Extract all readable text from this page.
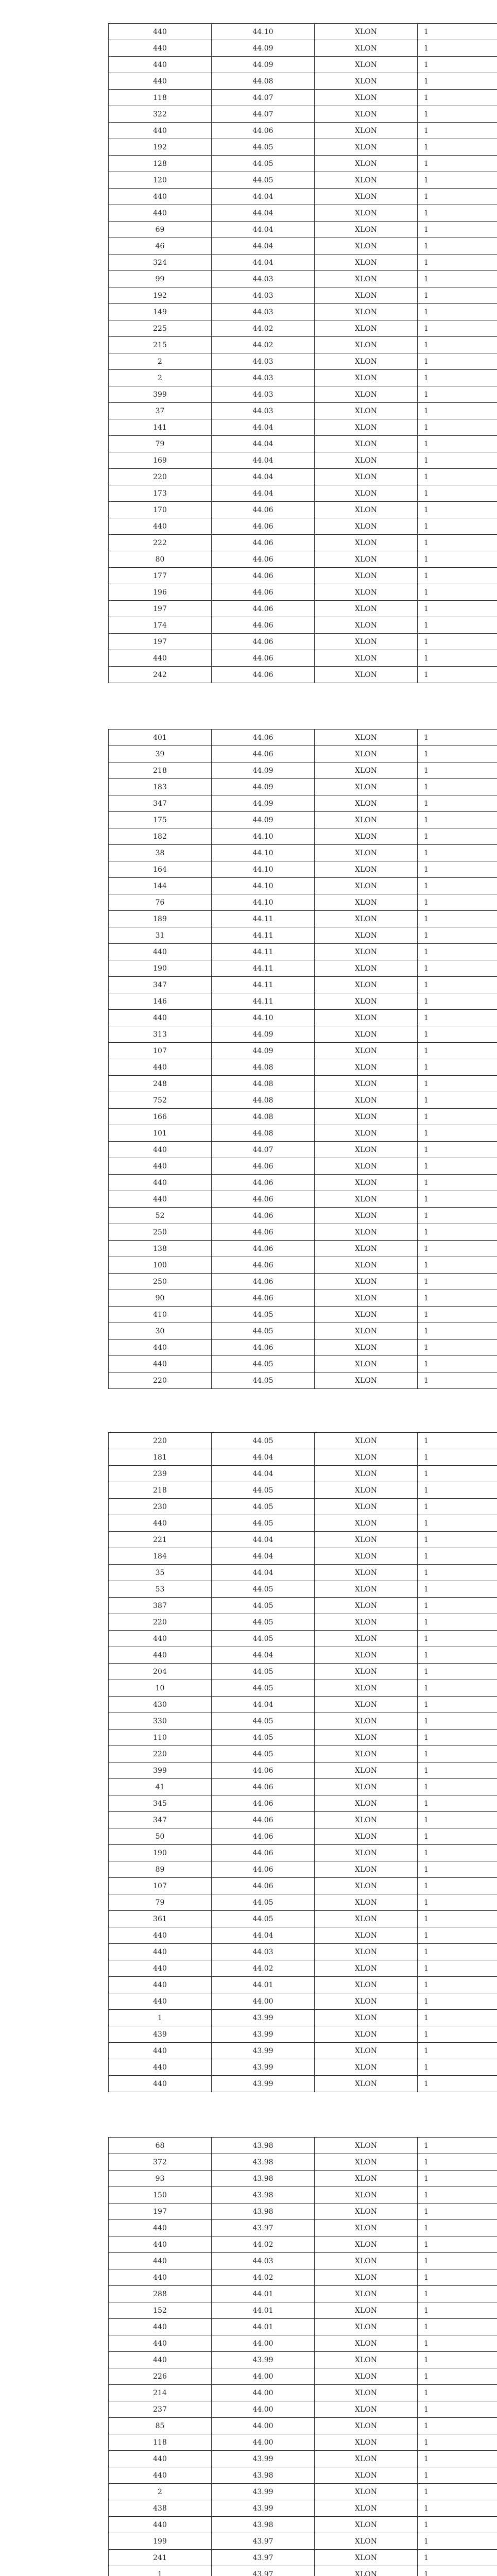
440	44.10	XLON	1
440	44.09	XLON	1
440	44.09	XLON	1
440	44.08	XLON	1
118	44.07	XLON	1
322	44.07	XLON	1
440	44.06	XLON	1
192	44.05	XLON	1
128	44.05	XLON	1
120	44.05	XLON	1
440	44.04	XLON	1
440	44.04	XLON	1
69	44.04	XLON	1
46	44.04	XLON	1
324	44.04	XLON	1
99	44.03	XLON	1
192	44.03	XLON	1
149	44.03	XLON	1
225	44.02	XLON	1
215	44.02	XLON	1
2	44.03	XLON	1
2	44.03	XLON	1
399	44.03	XLON	1
37	44.03	XLON	1
141	44.04	XLON	1
79	44.04	XLON	1
169	44.04	XLON	1
220	44.04	XLON	1
173	44.04	XLON	1
170	44.06	XLON	1
440	44.06	XLON	1
222	44.06	XLON	1
80	44.06	XLON	1
177	44.06	XLON	1
196	44.06	XLON	1
197	44.06	XLON	1
174	44.06	XLON	1
197	44.06	XLON	1
440	44.06	XLON	1
242	44.06	XLON	1
401	44.06	XLON	1
39	44.06	XLON	1
218	44.09	XLON	1
183	44.09	XLON	1
347	44.09	XLON	1
175	44.09	XLON	1
182	44.10	XLON	1
38	44.10	XLON	1
164	44.10	XLON	1
144	44.10	XLON	1
76	44.10	XLON	1
189	44.11	XLON	1
31	44.11	XLON	1
440	44.11	XLON	1
190	44.11	XLON	1
347	44.11	XLON	1
146	44.11	XLON	1
440	44.10	XLON	1
313	44.09	XLON	1
107	44.09	XLON	1
440	44.08	XLON	1
248	44.08	XLON	1
752	44.08	XLON	1
166	44.08	XLON	1
101	44.08	XLON	1
440	44.07	XLON	1
440	44.06	XLON	1
440	44.06	XLON	1
440	44.06	XLON	1
52	44.06	XLON	1
250	44.06	XLON	1
138	44.06	XLON	1
100	44.06	XLON	1
250	44.06	XLON	1
90	44.06	XLON	1
410	44.05	XLON	1
30	44.05	XLON	1
440	44.06	XLON	1
440	44.05	XLON	1
220	44.05	XLON	1
220	44.05	XLON	1
181	44.04	XLON	1
239	44.04	XLON	1
218	44.05	XLON	1
230	44.05	XLON	1
440	44.05	XLON	1
221	44.04	XLON	1
184	44.04	XLON	1
35	44.04	XLON	1
53	44.05	XLON	1
387	44.05	XLON	1
220	44.05	XLON	1
440	44.05	XLON	1
440	44.04	XLON	1
204	44.05	XLON	1
10	44.05	XLON	1
430	44.04	XLON	1
330	44.05	XLON	1
110	44.05	XLON	1
220	44.05	XLON	1
399	44.06	XLON	1
41	44.06	XLON	1
345	44.06	XLON	1
347	44.06	XLON	1
50	44.06	XLON	1
190	44.06	XLON	1
89	44.06	XLON	1
107	44.06	XLON	1
79	44.05	XLON	1
361	44.05	XLON	1
440	44.04	XLON	1
440	44.03	XLON	1
440	44.02	XLON	1
440	44.01	XLON	1
440	44.00	XLON	1
1	43.99	XLON	1
439	43.99	XLON	1
440	43.99	XLON	1
440	43.99	XLON	1
440	43.99	XLON	1
68	43.98	XLON	1
372	43.98	XLON	1
93	43.98	XLON	1
150	43.98	XLON	1
197	43.98	XLON	1
440	43.97	XLON	1
440	44.02	XLON	1
440	44.03	XLON	1
440	44.02	XLON	1
288	44.01	XLON	1
152	44.01	XLON	1
440	44.01	XLON	1
440	44.00	XLON	1
440	43.99	XLON	1
226	44.00	XLON	1
214	44.00	XLON	1
237	44.00	XLON	1
85	44.00	XLON	1
118	44.00	XLON	1
440	43.99	XLON	1
440	43.98	XLON	1
2	43.99	XLON	1
438	43.99	XLON	1
440	43.98	XLON	1
199	43.97	XLON	1
241	43.97	XLON	1
1	43.97	XLON	1
